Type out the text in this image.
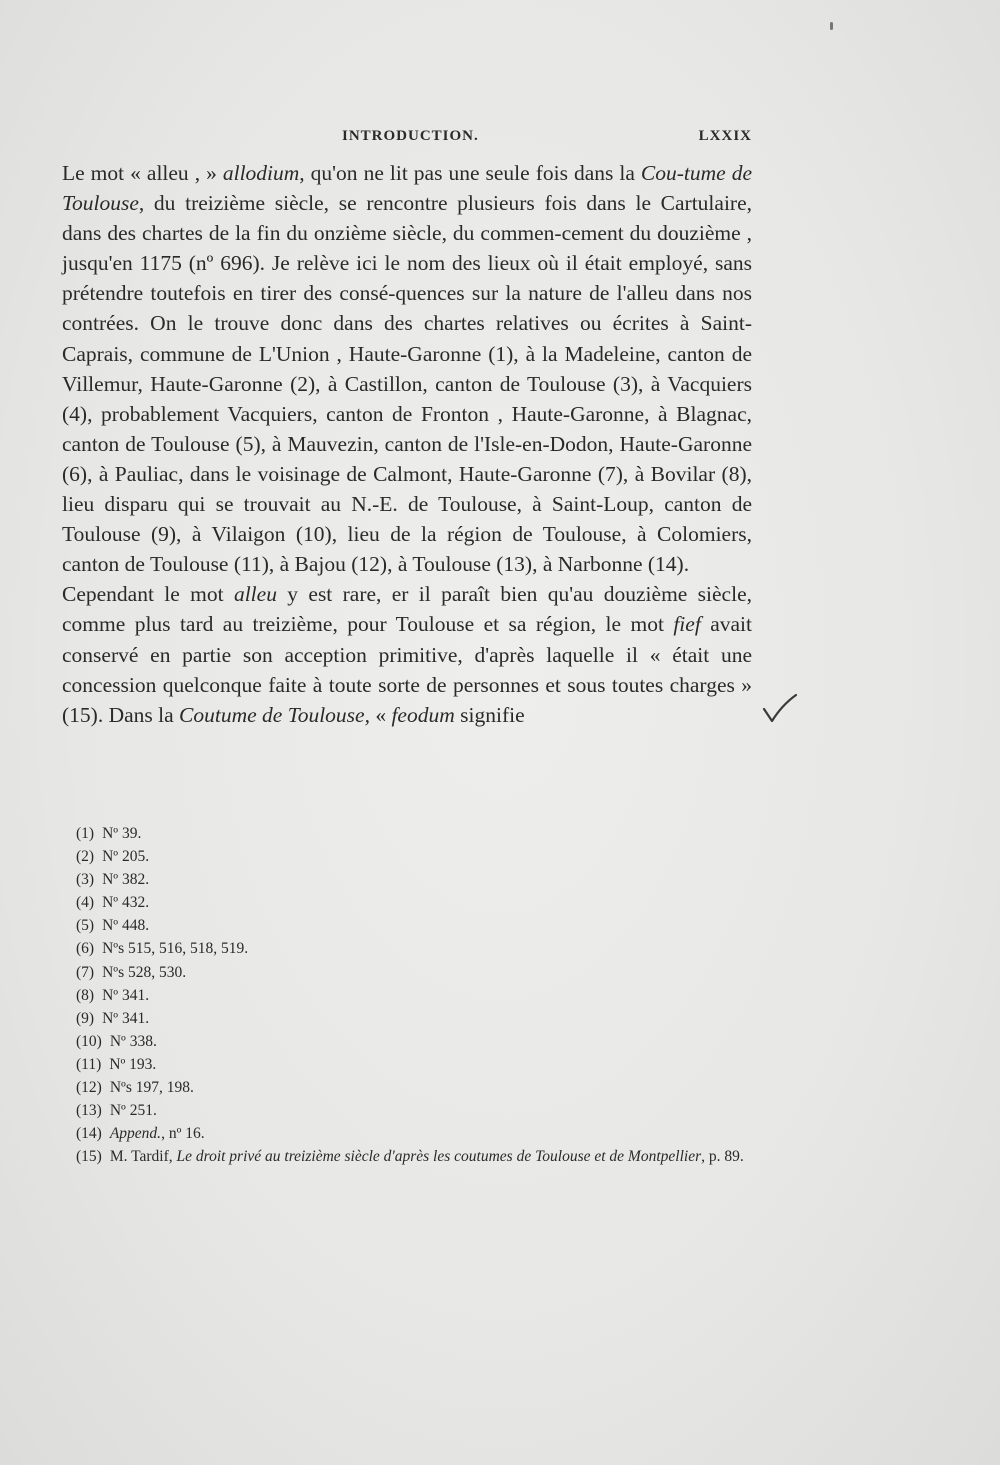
INTRODUCTION.	LXXIX

Le mot « alleu , » allodium, qu'on ne lit pas une seule fois dans la Cou-tume de Toulouse, du treizième siècle, se rencontre plusieurs fois dans le Cartulaire, dans des chartes de la fin du onzième siècle, du commen-cement du douzième , jusqu'en 1175 (nº 696). Je relève ici le nom des lieux où il était employé, sans prétendre toutefois en tirer des consé-quences sur la nature de l'alleu dans nos contrées. On le trouve donc dans des chartes relatives ou écrites à Saint-Caprais, commune de L'Union , Haute-Garonne (1), à la Madeleine, canton de Villemur, Haute-Garonne (2), à Castillon, canton de Toulouse (3), à Vacquiers (4), probablement Vacquiers, canton de Fronton , Haute-Garonne, à Blagnac, canton de Toulouse (5), à Mauvezin, canton de l'Isle-en-Dodon, Haute-Garonne (6), à Pauliac, dans le voisinage de Calmont, Haute-Garonne (7), à Bovilar (8), lieu disparu qui se trouvait au N.-E. de Toulouse, à Saint-Loup, canton de Toulouse (9), à Vilaigon (10), lieu de la région de Toulouse, à Colomiers, canton de Toulouse (11), à Bajou (12), à Toulouse (13), à Narbonne (14).

Cependant le mot alleu y est rare, er il paraît bien qu'au douzième siècle, comme plus tard au treizième, pour Toulouse et sa région, le mot fief avait conservé en partie son acception primitive, d'après laquelle il « était une concession quelconque faite à toute sorte de personnes et sous toutes charges » (15). Dans la Coutume de Toulouse, « feodum signifie

(1) Nº 39.
(2) Nº 205.
(3) Nº 382.
(4) Nº 432.
(5) Nº 448.
(6) Nºs 515, 516, 518, 519.
(7) Nºs 528, 530.
(8) Nº 341.
(9) Nº 341.
(10) Nº 338.
(11) Nº 193.
(12) Nºs 197, 198.
(13) Nº 251.
(14) Append., nº 16.
(15) M. Tardif, Le droit privé au treizième siècle d'après les coutumes de Toulouse et de Montpellier, p. 89.
